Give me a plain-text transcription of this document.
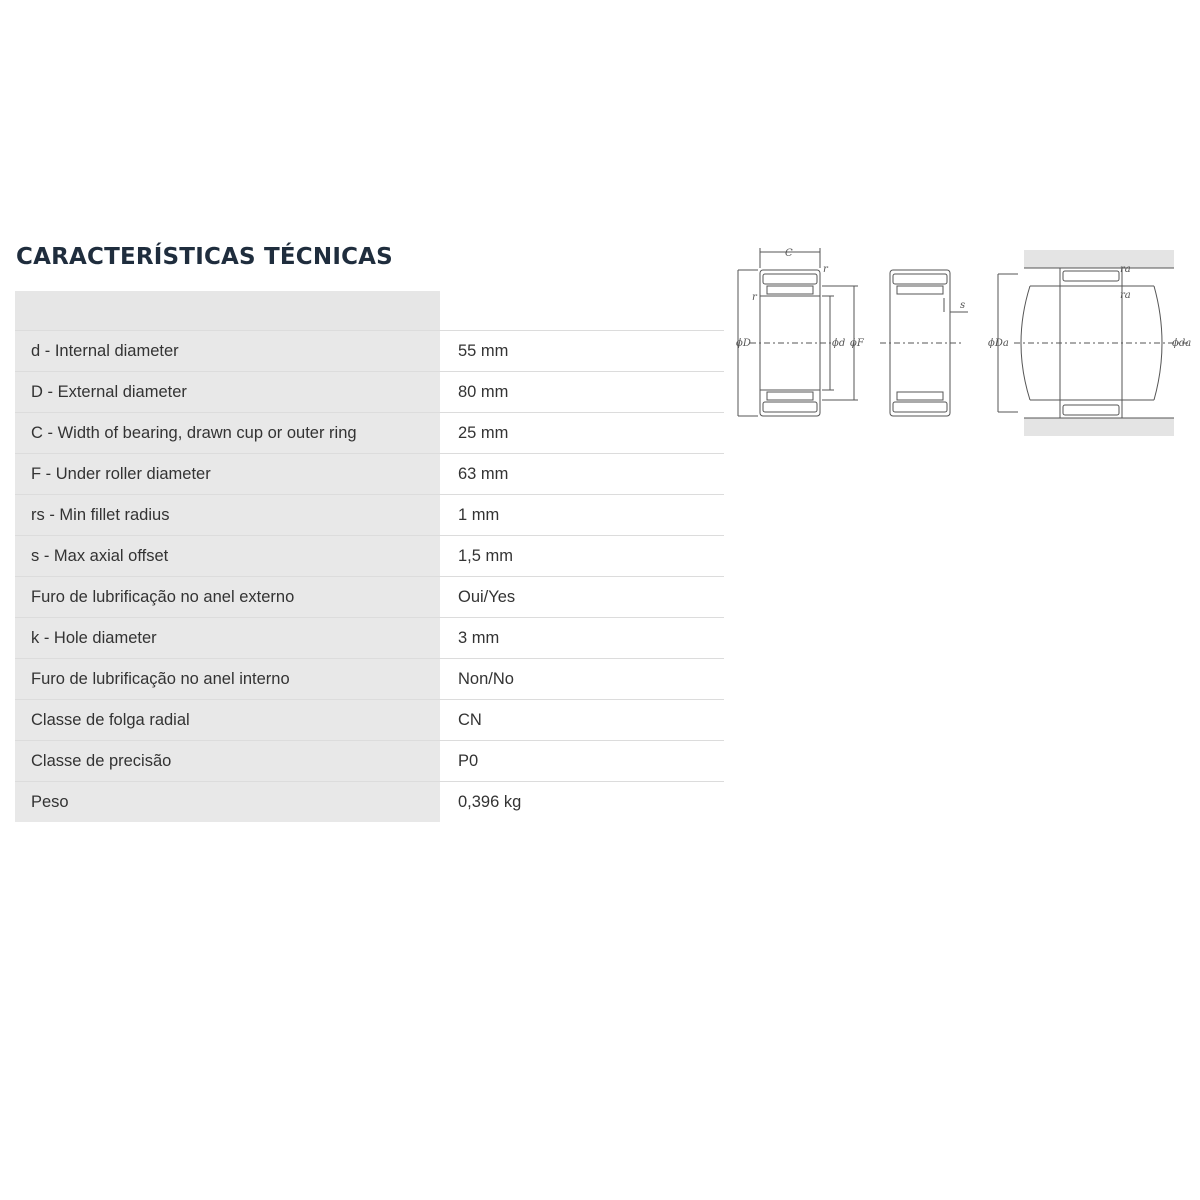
CARACTERÍSTICAS TÉCNICAS

d - Internal diameter	55 mm
D - External diameter	80 mm
C - Width of bearing, drawn cup or outer ring	25 mm
F - Under roller diameter	63 mm
rs - Min fillet radius	1 mm
s - Max axial offset	1,5 mm
Furo de lubrificação no anel externo	Oui/Yes
k - Hole diameter	3 mm
Furo de lubrificação no anel interno	Non/No
Classe de folga radial	CN
Classe de precisão	P0
Peso	0,396 kg
C
r
r
ϕD	ϕd ϕF
s
ϕDa	ϕda
ra
ra
